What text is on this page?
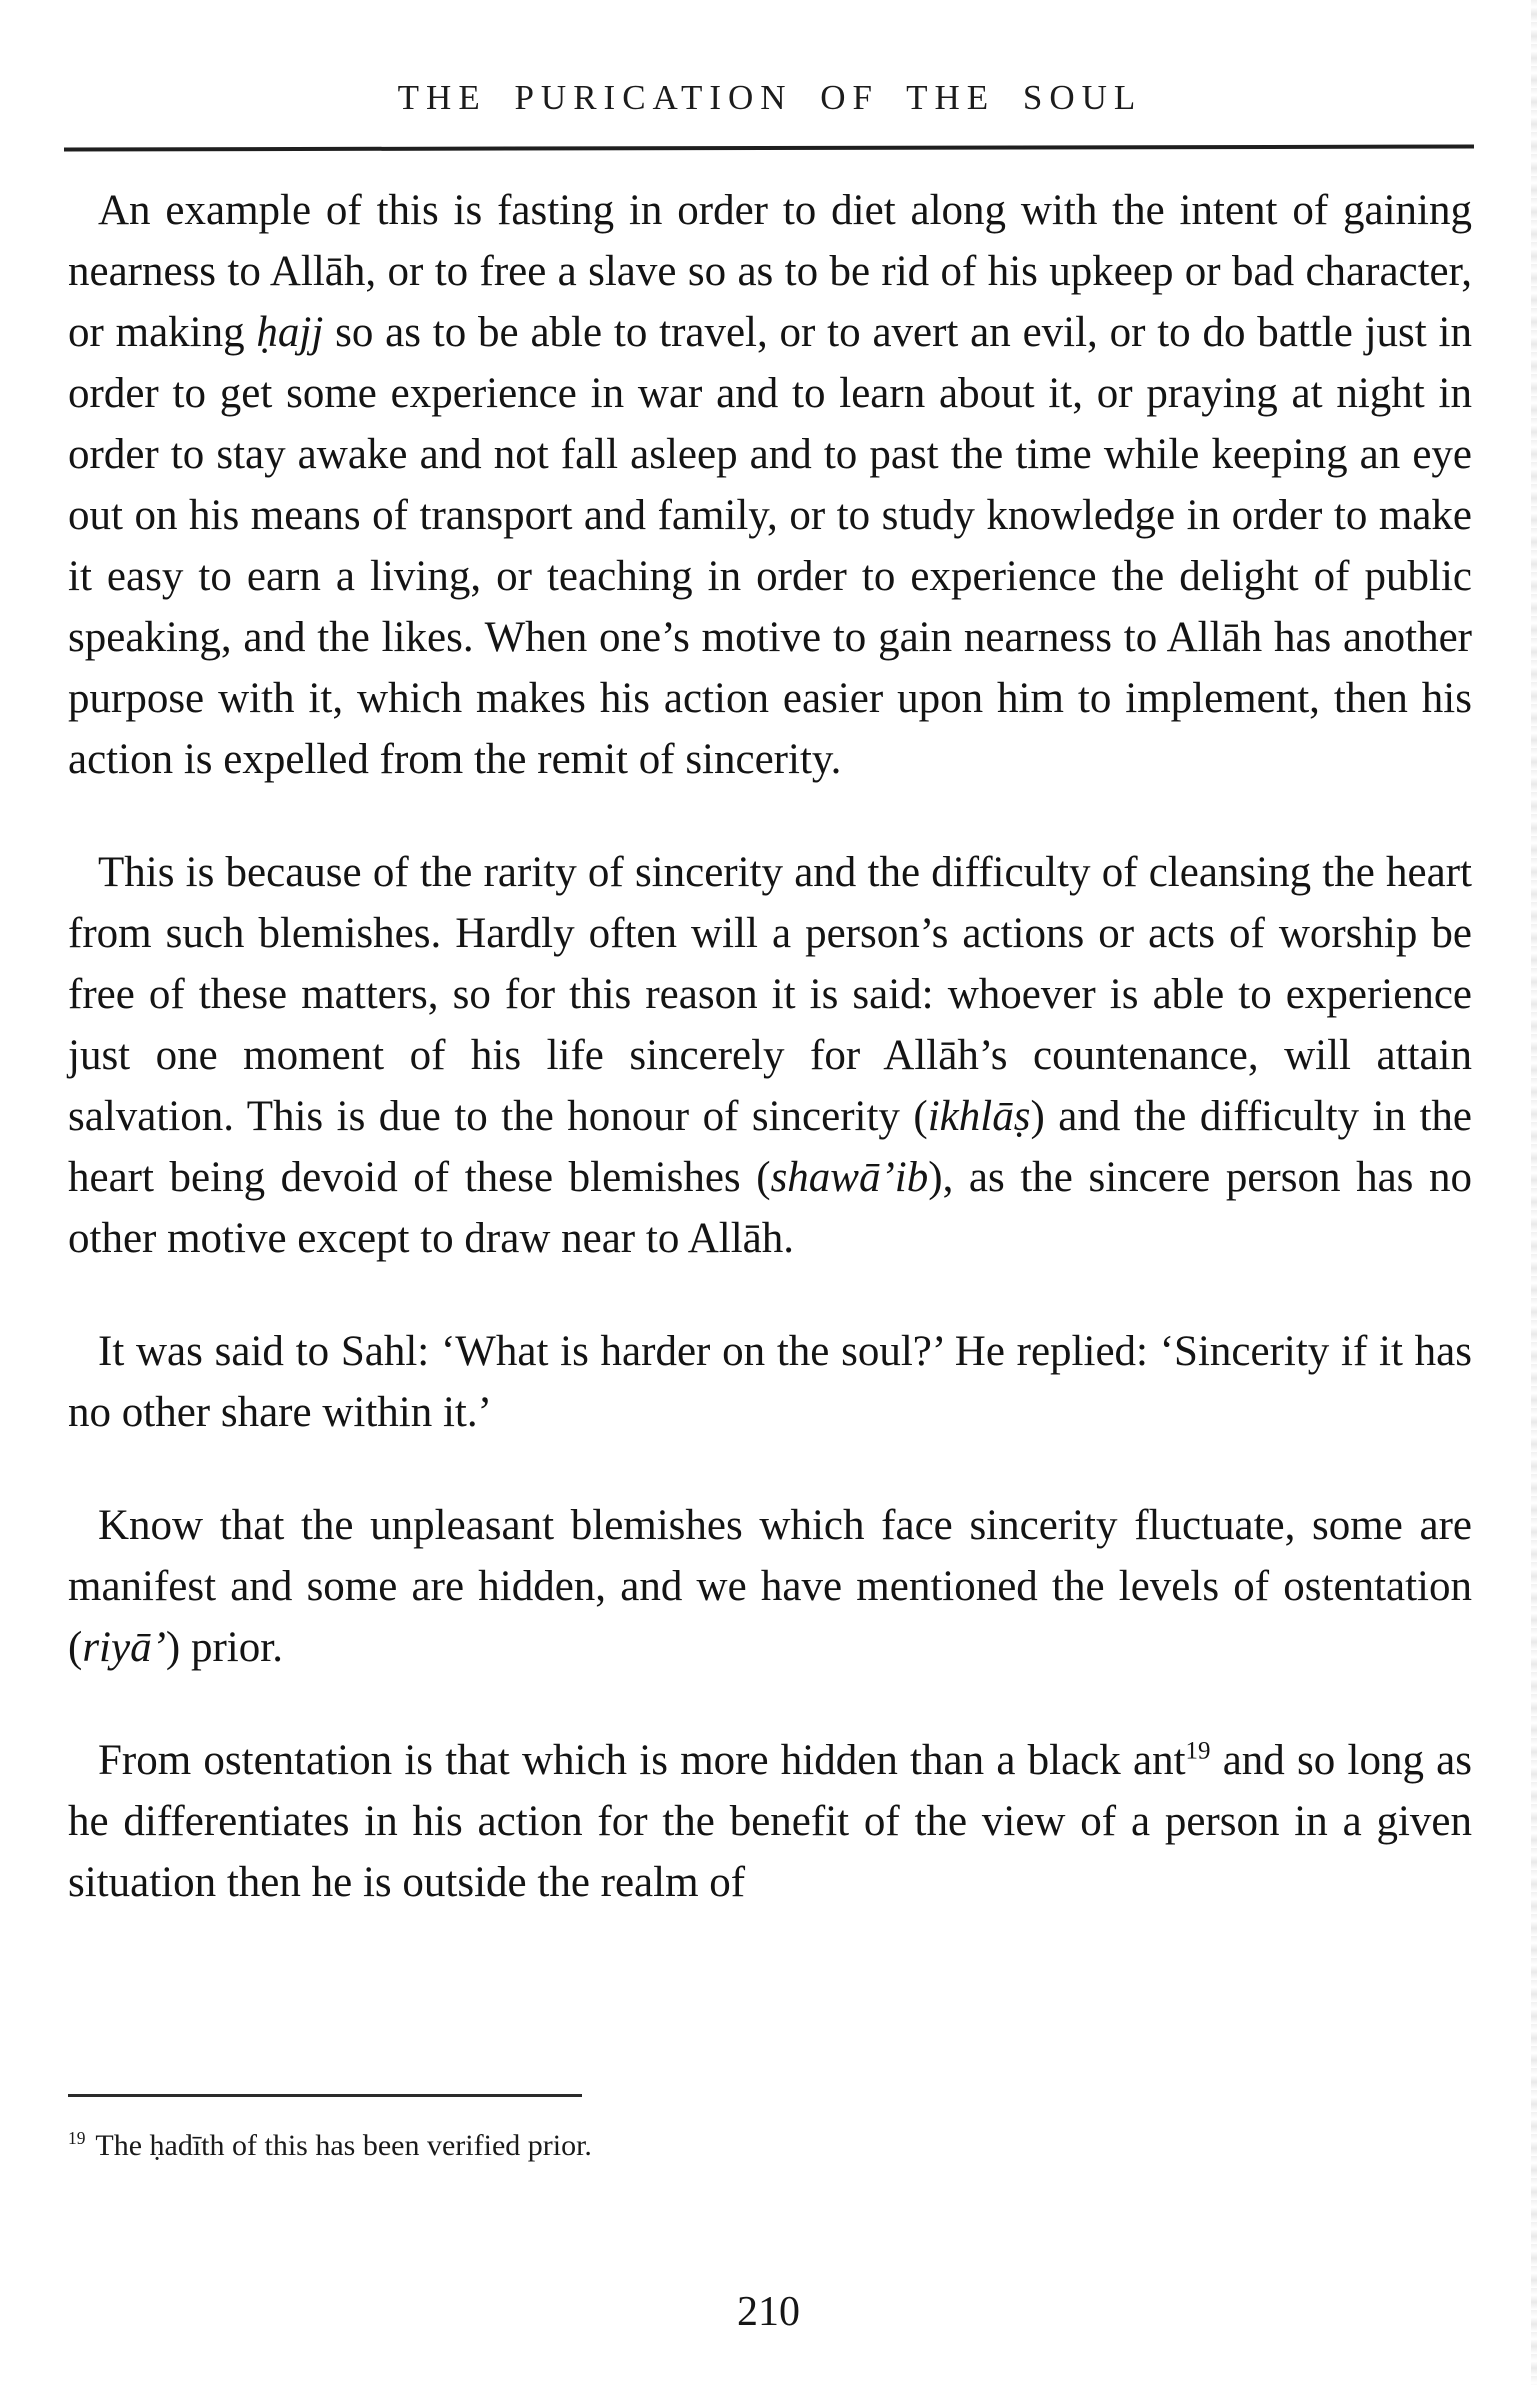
THE PURICATION OF THE SOUL

An example of this is fasting in order to diet along with the intent of gaining nearness to Allāh, or to free a slave so as to be rid of his upkeep or bad character, or making ḥajj so as to be able to travel, or to avert an evil, or to do battle just in order to get some experience in war and to learn about it, or praying at night in order to stay awake and not fall asleep and to past the time while keeping an eye out on his means of transport and family, or to study knowledge in order to make it easy to earn a living, or teaching in order to experience the delight of public speaking, and the likes. When one’s motive to gain nearness to Allāh has another purpose with it, which makes his action easier upon him to implement, then his action is expelled from the remit of sincerity.

This is because of the rarity of sincerity and the difficulty of cleansing the heart from such blemishes. Hardly often will a person’s actions or acts of worship be free of these matters, so for this reason it is said: whoever is able to experience just one moment of his life sincerely for Allāh’s countenance, will attain salvation. This is due to the honour of sincerity (ikhlāṣ) and the difficulty in the heart being devoid of these blemishes (shawā’ib), as the sincere person has no other motive except to draw near to Allāh.

It was said to Sahl: ‘What is harder on the soul?’ He replied: ‘Sincerity if it has no other share within it.’

Know that the unpleasant blemishes which face sincerity fluctuate, some are manifest and some are hidden, and we have mentioned the levels of ostentation (riyā’) prior.

From ostentation is that which is more hidden than a black ant$^{19}$ and so long as he differentiates in his action for the benefit of the view of a person in a given situation then he is outside the realm of

$^{19}$ The ḥadīth of this has been verified prior.
210
